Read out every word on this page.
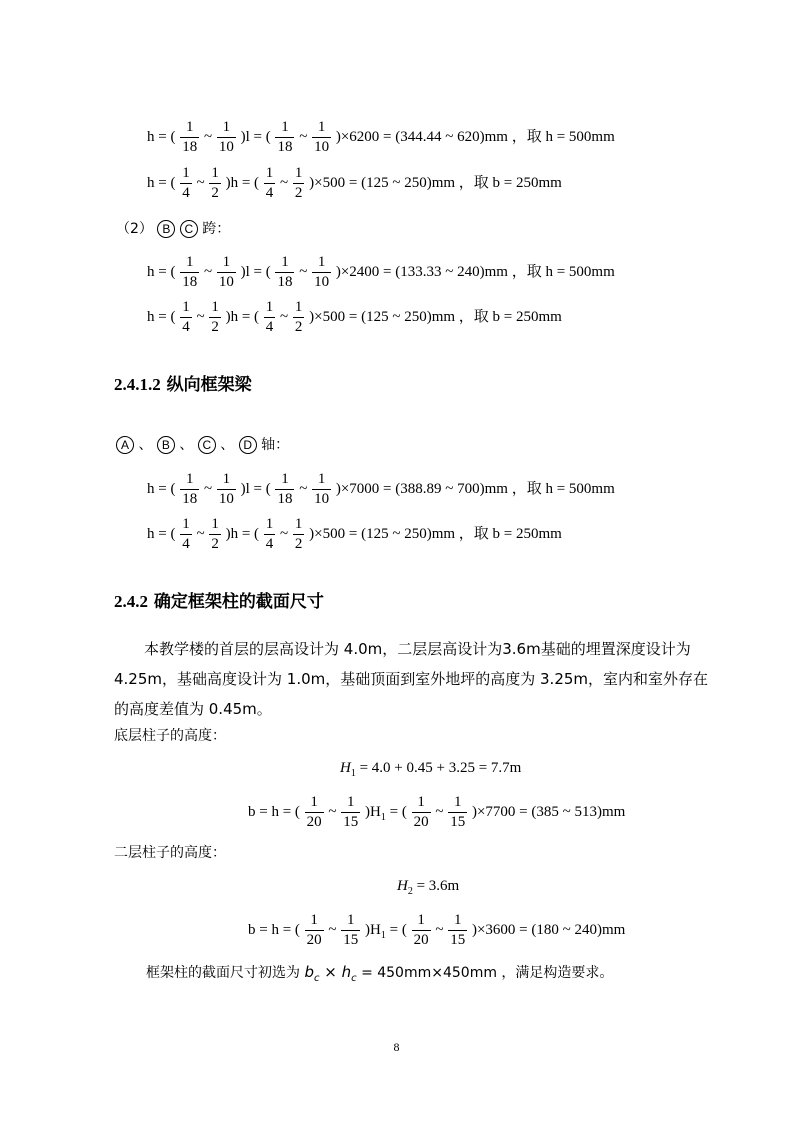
h = ( $\frac{1}{18}$ ~ $\frac{1}{10} )l$ = ( $\frac{1}{18}$ ~ $\frac{1}{10} )\times 6200 = (344.44$ ~ 620)mm ，取 h = 500mm
h = ( $\frac{1}{4}$ ~ $\frac{1}{2} )h$ = ( $\frac{1}{4}$ ~ $\frac{1}{2} )\times 500 = (125$ ~ 250)mm ，取 b = 250mm
（2） B C 跨：
h = ( $\frac{1}{18}$ ~ $\frac{1}{10} )l$ = ( $\frac{1}{18}$ ~ $\frac{1}{10} )\times 2400 = (133.33$ ~ 240)mm ，取 h = 500mm
h = ( $\frac{1}{4}$ ~ $\frac{1}{2} )h$ = ( $\frac{1}{4}$ ~ $\frac{1}{2} )\times 500 = (125$ ~ 250)mm ，取 b = 250mm
2.4.1.2 纵向框架梁
A 、 B 、 C 、 D 轴：
h = ( $\frac{1}{18}$ ~ $\frac{1}{10} )l$ = ( $\frac{1}{18}$ ~ $\frac{1}{10} )\times 7000 = (388.89$ ~ 700)mm ，取 h = 500mm
h = ( $\frac{1}{4}$ ~ $\frac{1}{2} )h$ = ( $\frac{1}{4}$ ~ $\frac{1}{2} )\times 500 = (125$ ~ 250)mm ，取 b = 250mm
2.4.2 确定框架柱的截面尺寸
本教学楼的首层的层高设计为 4.0m，二层层高设计为3.6m基础的埋置深度设计为 4.25m，基础高度设计为 1.0m，基础顶面到室外地坪的高度为 3.25m，室内和室外存在的高度差值为 0.45m。
底层柱子的高度：
$H_1 = 4.0 + 0.45 + 3.25 = 7.7m$
b = h = ( $\frac{1}{20}$ ~ $\frac{1}{15} )H_1$ = ( $\frac{1}{20}$ ~ $\frac{1}{15} )\times 7700 = (385$ ~ 513)mm
二层柱子的高度：
$H_2 = 3.6m$
b = h = ( $\frac{1}{20}$ ~ $\frac{1}{15} )H_1$ = ( $\frac{1}{20}$ ~ $\frac{1}{15} )\times 3600 = (180$ ~ 240)mm
框架柱的截面尺寸初选为 $b_c \times h_c = 450mm\times 450mm$ ，满足构造要求。
8
